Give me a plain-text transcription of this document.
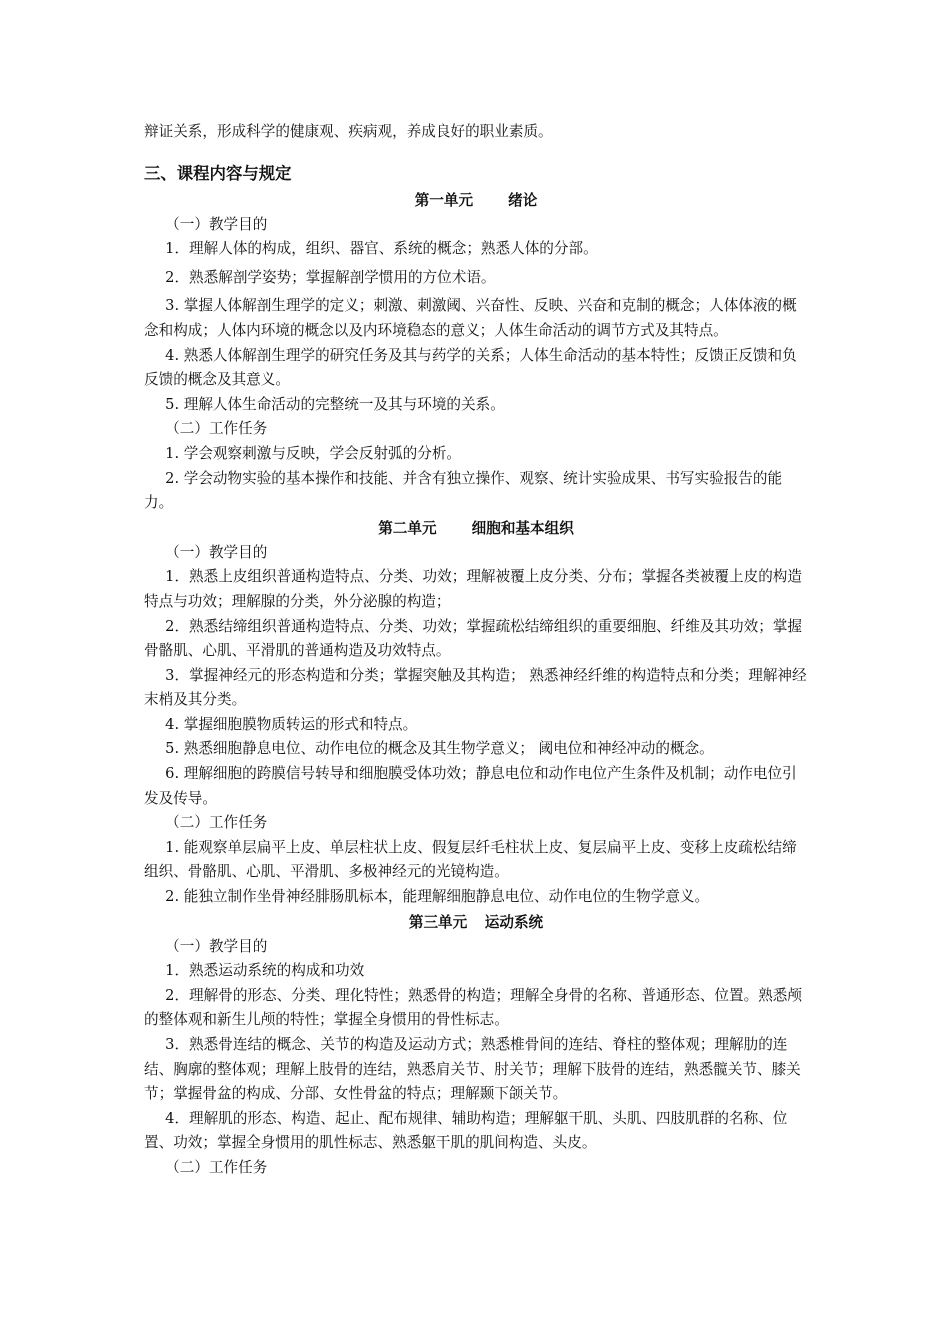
辩证关系，形成科学的健康观、疾病观，养成良好的职业素质。

三、课程内容与规定
第一单元 绪论

（一）教学目的

1．理解人体的构成，组织、器官、系统的概念；熟悉人体的分部。

2．熟悉解剖学姿势；掌握解剖学惯用的方位术语。

3. 掌握人体解剖生理学的定义；刺激、刺激阈、兴奋性、反映、兴奋和克制的概念；人体体液的概念和构成；人体内环境的概念以及内环境稳态的意义；人体生命活动的调节方式及其特点。

4. 熟悉人体解剖生理学的研究任务及其与药学的关系；人体生命活动的基本特性；反馈正反馈和负反馈的概念及其意义。

5. 理解人体生命活动的完整统一及其与环境的关系。

（二）工作任务

1. 学会观察刺激与反映，学会反射弧的分析。

2. 学会动物实验的基本操作和技能、并含有独立操作、观察、统计实验成果、书写实验报告的能力。

第二单元 细胞和基本组织

（一）教学目的

1．熟悉上皮组织普通构造特点、分类、功效；理解被覆上皮分类、分布；掌握各类被覆上皮的构造特点与功效；理解腺的分类，外分泌腺的构造；

2．熟悉结缔组织普通构造特点、分类、功效；掌握疏松结缔组织的重要细胞、纤维及其功效；掌握骨骼肌、心肌、平滑肌的普通构造及功效特点。

3．掌握神经元的形态构造和分类；掌握突触及其构造； 熟悉神经纤维的构造特点和分类；理解神经末梢及其分类。

4. 掌握细胞膜物质转运的形式和特点。

5. 熟悉细胞静息电位、动作电位的概念及其生物学意义； 阈电位和神经冲动的概念。

6. 理解细胞的跨膜信号转导和细胞膜受体功效；静息电位和动作电位产生条件及机制；动作电位引发及传导。

（二）工作任务

1. 能观察单层扁平上皮、单层柱状上皮、假复层纤毛柱状上皮、复层扁平上皮、变移上皮疏松结缔组织、骨骼肌、心肌、平滑肌、多极神经元的光镜构造。

2. 能独立制作坐骨神经腓肠肌标本，能理解细胞静息电位、动作电位的生物学意义。

第三单元 运动系统

（一）教学目的

1．熟悉运动系统的构成和功效

2．理解骨的形态、分类、理化特性；熟悉骨的构造；理解全身骨的名称、普通形态、位置。熟悉颅的整体观和新生儿颅的特性；掌握全身惯用的骨性标志。

3．熟悉骨连结的概念、关节的构造及运动方式；熟悉椎骨间的连结、脊柱的整体观；理解肋的连结、胸廓的整体观；理解上肢骨的连结，熟悉肩关节、肘关节；理解下肢骨的连结，熟悉髋关节、膝关节；掌握骨盆的构成、分部、女性骨盆的特点；理解颞下颌关节。

4．理解肌的形态、构造、起止、配布规律、辅助构造；理解躯干肌、头肌、四肢肌群的名称、位置、功效；掌握全身惯用的肌性标志、熟悉躯干肌的肌间构造、头皮。

（二）工作任务
